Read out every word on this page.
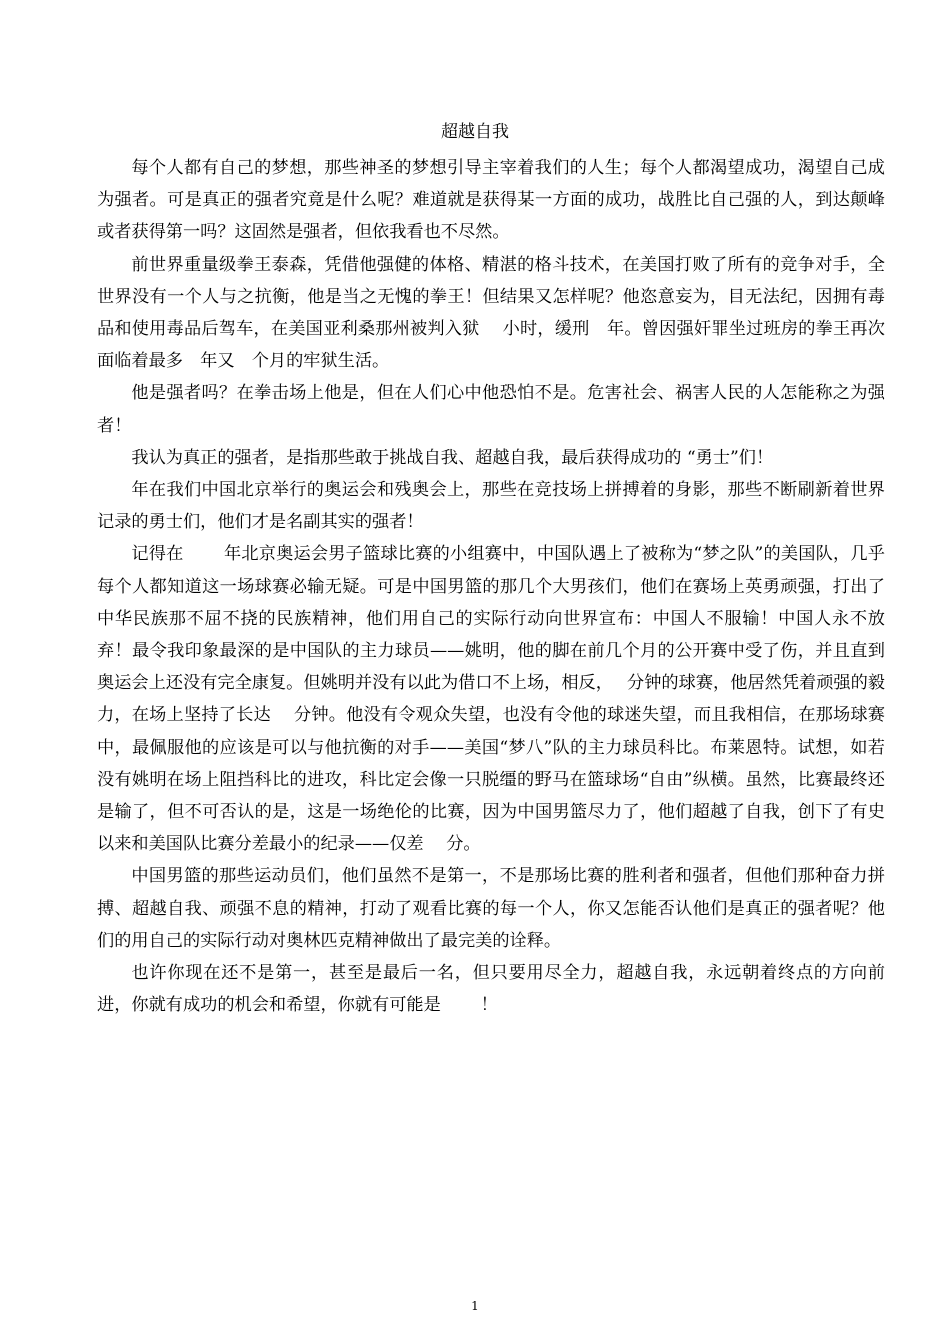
超越自我

每个人都有自己的梦想，那些神圣的梦想引导主宰着我们的人生；每个人都渴望成功，渴望自己成为强者。可是真正的强者究竟是什么呢？难道就是获得某一方面的成功，战胜比自己强的人，到达颠峰或者获得第一吗？这固然是强者，但依我看也不尽然。

前世界重量级拳王泰森，凭借他强健的体格、精湛的格斗技术，在美国打败了所有的竞争对手，全世界没有一个人与之抗衡，他是当之无愧的拳王！但结果又怎样呢？他恣意妄为，目无法纪，因拥有毒品和使用毒品后驾车，在美国亚利桑那州被判入狱　 小时，缓刑　年。曾因强奸罪坐过班房的拳王再次面临着最多　年又　个月的牢狱生活。

他是强者吗？在拳击场上他是，但在人们心中他恐怕不是。危害社会、祸害人民的人怎能称之为强者！

我认为真正的强者，是指那些敢于挑战自我、超越自我，最后获得成功的 “勇士”们！

年在我们中国北京举行的奥运会和残奥会上，那些在竞技场上拼搏着的身影，那些不断刷新着世界记录的勇士们，他们才是名副其实的强者！

记得在　　 年北京奥运会男子篮球比赛的小组赛中，中国队遇上了被称为“梦之队”的美国队，几乎每个人都知道这一场球赛必输无疑。可是中国男篮的那几个大男孩们，他们在赛场上英勇顽强，打出了中华民族那不屈不挠的民族精神，他们用自己的实际行动向世界宣布：中国人不服输！中国人永不放弃！最令我印象最深的是中国队的主力球员——姚明，他的脚在前几个月的公开赛中受了伤，并且直到奥运会上还没有完全康复。但姚明并没有以此为借口不上场，相反，　 分钟的球赛，他居然凭着顽强的毅力，在场上坚持了长达　 分钟。他没有令观众失望，也没有令他的球迷失望，而且我相信，在那场球赛中，最佩服他的应该是可以与他抗衡的对手——美国“梦八”队的主力球员科比。布莱恩特。试想，如若没有姚明在场上阻挡科比的进攻，科比定会像一只脱缰的野马在篮球场“自由”纵横。虽然，比赛最终还是输了，但不可否认的是，这是一场绝伦的比赛，因为中国男篮尽力了，他们超越了自我，创下了有史以来和美国队比赛分差最小的纪录——仅差　 分。

中国男篮的那些运动员们，他们虽然不是第一，不是那场比赛的胜利者和强者，但他们那种奋力拼搏、超越自我、顽强不息的精神，打动了观看比赛的每一个人，你又怎能否认他们是真正的强者呢？他们的用自己的实际行动对奥林匹克精神做出了最完美的诠释。

也许你现在还不是第一，甚至是最后一名，但只要用尽全力，超越自我，永远朝着终点的方向前进，你就有成功的机会和希望，你就有可能是　　 ！

1
